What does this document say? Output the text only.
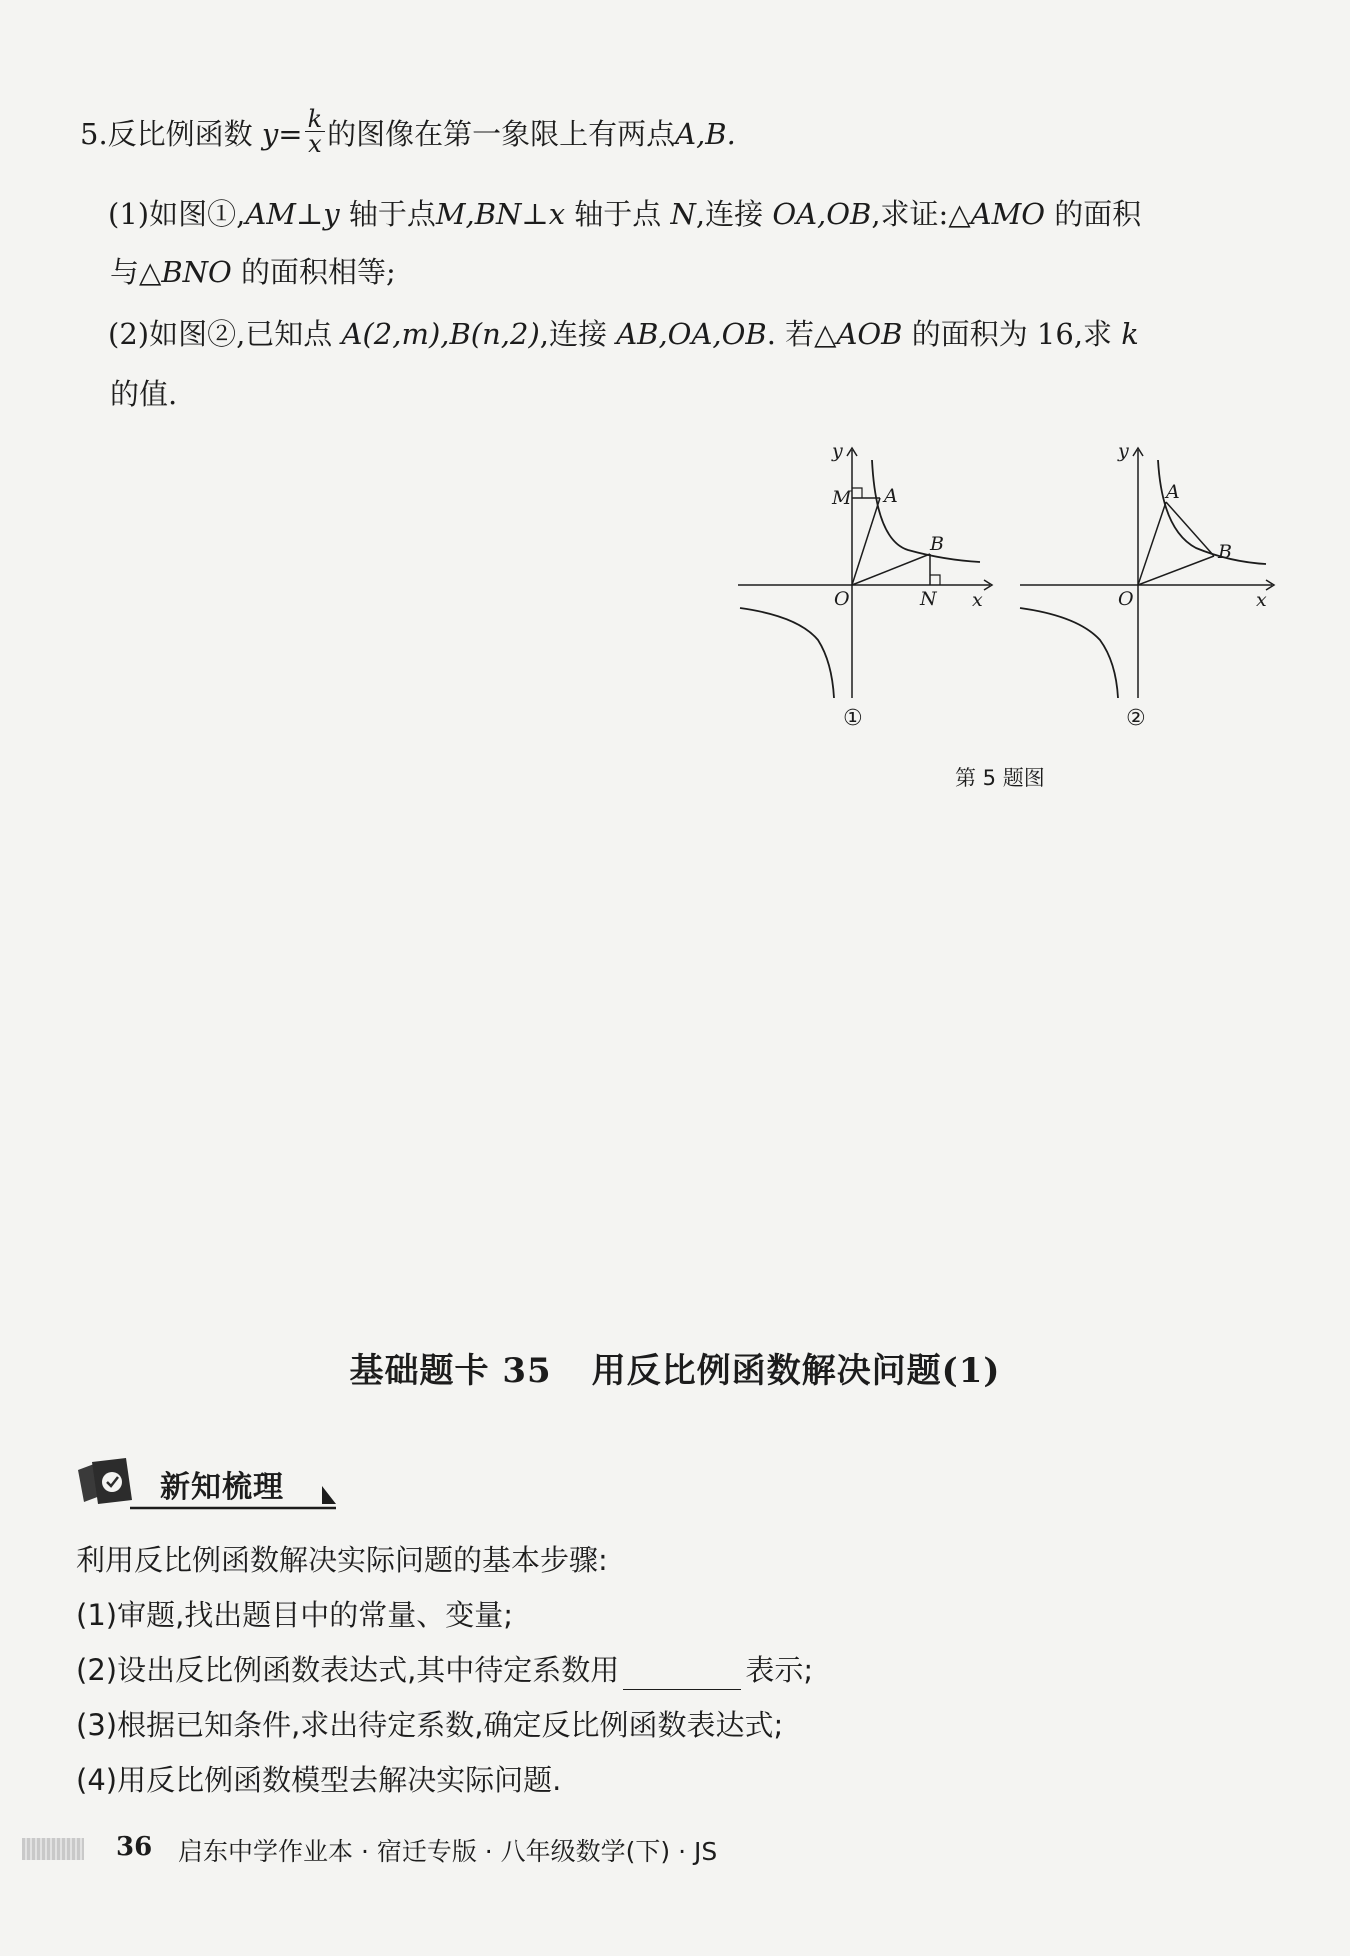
5.反比例函数 $y= \frac{k}{x}$ 的图像在第一象限上有两点A,B.
(1)如图①,AM⊥y 轴于点M,BN⊥x 轴于点 N,连接 OA,OB,求证:△AMO 的面积
与△BNO 的面积相等;
(2)如图②,已知点 A(2,m),B(n,2),连接 AB,OA,OB. 若△AOB 的面积为 16,求 k
的值.
y
x
O
M A
B
N
①
y
x
O
A
B
②
第 5 题图
基础题卡 35 用反比例函数解决问题(1)
新知梳理
利用反比例函数解决实际问题的基本步骤:
(1)审题,找出题目中的常量、变量;
(2)设出反比例函数表达式,其中待定系数用	表示;
(3)根据已知条件,求出待定系数,确定反比例函数表达式;
(4)用反比例函数模型去解决实际问题.
36 启东中学作业本 · 宿迁专版 · 八年级数学(下) · JS
